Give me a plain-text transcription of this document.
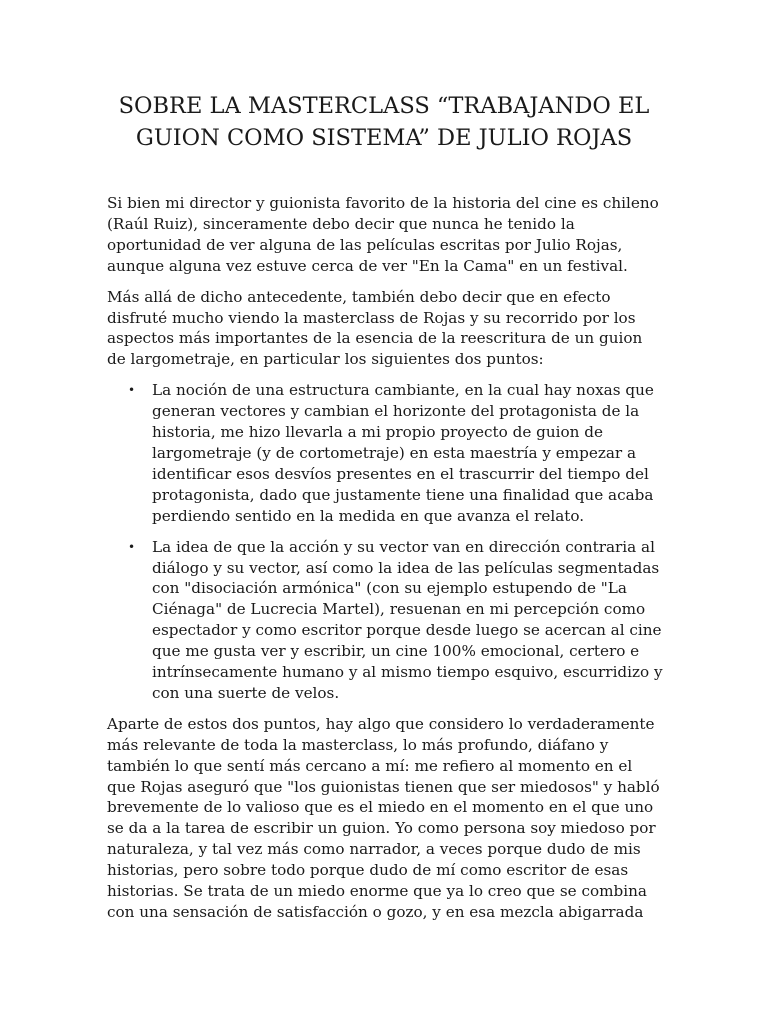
SOBRE LA MASTERCLASS “TRABAJANDO EL GUION COMO SISTEMA” DE JULIO ROJAS

Si bien mi director y guionista favorito de la historia del cine es chileno (Raúl Ruiz), sinceramente debo decir que nunca he tenido la oportunidad de ver alguna de las películas escritas por Julio Rojas, aunque alguna vez estuve cerca de ver "En la Cama" en un festival.

Más allá de dicho antecedente, también debo decir que en efecto disfruté mucho viendo la masterclass de Rojas y su recorrido por los aspectos más importantes de la esencia de la reescritura de un guion de largometraje, en particular los siguientes dos puntos:

• La noción de una estructura cambiante, en la cual hay noxas que generan vectores y cambian el horizonte del protagonista de la historia, me hizo llevarla a mi propio proyecto de guion de largometraje (y de cortometraje) en esta maestría y empezar a identificar esos desvíos presentes en el trascurrir del tiempo del protagonista, dado que justamente tiene una finalidad que acaba perdiendo sentido en la medida en que avanza el relato.
• La idea de que la acción y su vector van en dirección contraria al diálogo y su vector, así como la idea de las películas segmentadas con "disociación armónica" (con su ejemplo estupendo de "La Ciénaga" de Lucrecia Martel), resuenan en mi percepción como espectador y como escritor porque desde luego se acercan al cine que me gusta ver y escribir, un cine 100% emocional, certero e intrínsecamente humano y al mismo tiempo esquivo, escurridizo y con una suerte de velos.

Aparte de estos dos puntos, hay algo que considero lo verdaderamente más relevante de toda la masterclass, lo más profundo, diáfano y también lo que sentí más cercano a mí: me refiero al momento en el que Rojas aseguró que "los guionistas tienen que ser miedosos" y habló brevemente de lo valioso que es el miedo en el momento en el que uno se da a la tarea de escribir un guion. Yo como persona soy miedoso por naturaleza, y tal vez más como narrador, a veces porque dudo de mis historias, pero sobre todo porque dudo de mí como escritor de esas historias. Se trata de un miedo enorme que ya lo creo que se combina con una sensación de satisfacción o gozo, y en esa mezcla abigarrada
